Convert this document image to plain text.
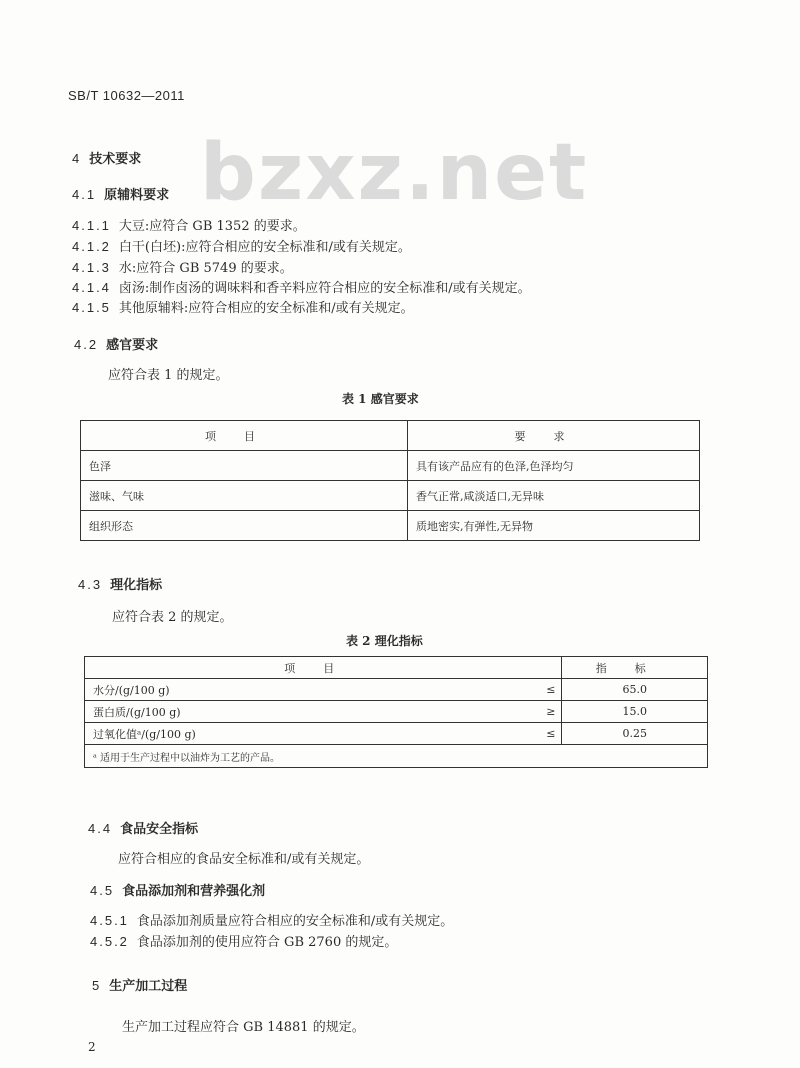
bzxz.net
SB/T 10632—2011
4 技术要求
4.1 原辅料要求
4.1.1 大豆:应符合 GB 1352 的要求。
4.1.2 白干(白坯):应符合相应的安全标准和/或有关规定。
4.1.3 水:应符合 GB 5749 的要求。
4.1.4 卤汤:制作卤汤的调味料和香辛料应符合相应的安全标准和/或有关规定。
4.1.5 其他原辅料:应符合相应的安全标准和/或有关规定。
4.2 感官要求
应符合表 1 的规定。
表 1 感官要求
项目	要求
色泽	具有该产品应有的色泽,色泽均匀
滋味、气味	香气正常,咸淡适口,无异味
组织形态	质地密实,有弹性,无异物
4.3 理化指标
应符合表 2 的规定。
表 2 理化指标
项目		指标
水分/(g/100 g)	≤	65.0
蛋白质/(g/100 g)	≥	15.0
过氧化值ᵃ/(g/100 g)	≤	0.25
ᵃ 适用于生产过程中以油炸为工艺的产品。		
4.4 食品安全指标
应符合相应的食品安全标准和/或有关规定。
4.5 食品添加剂和营养强化剂
4.5.1 食品添加剂质量应符合相应的安全标准和/或有关规定。
4.5.2 食品添加剂的使用应符合 GB 2760 的规定。
5 生产加工过程
生产加工过程应符合 GB 14881 的规定。
2
